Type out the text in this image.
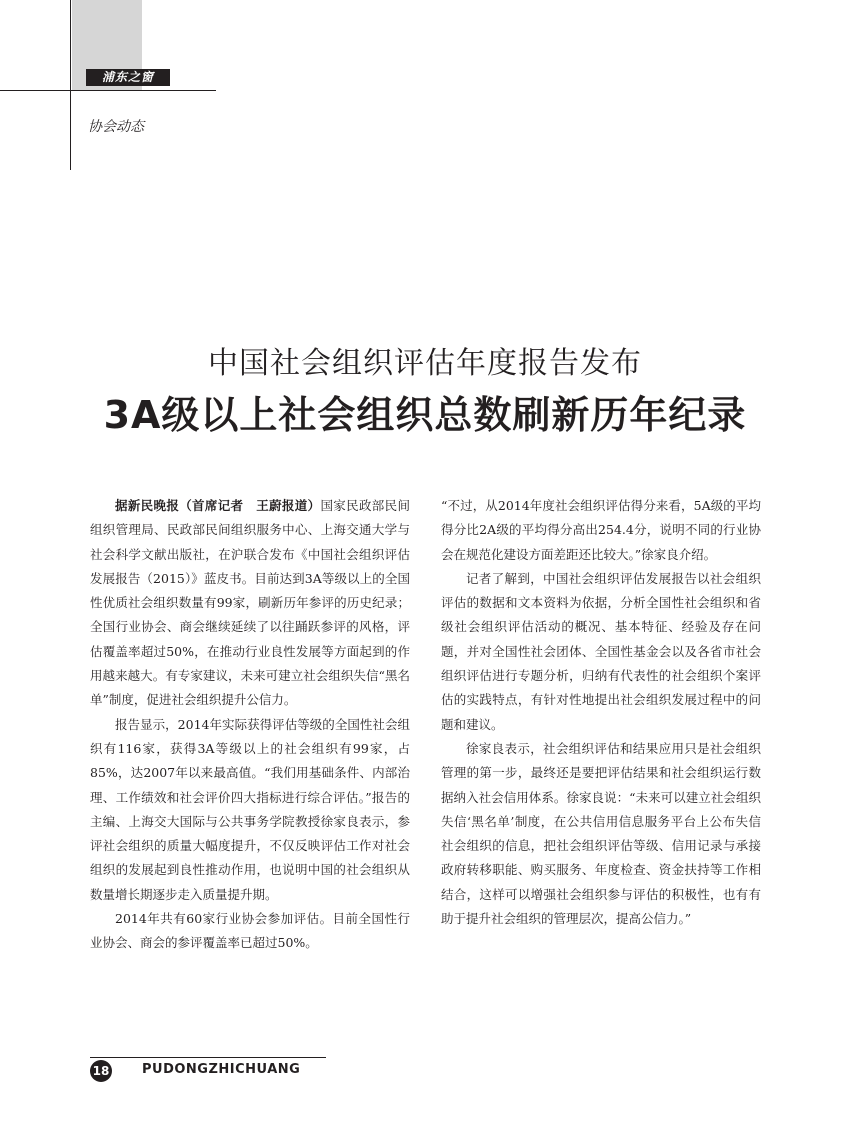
浦东之窗
协会动态
中国社会组织评估年度报告发布
3A级以上社会组织总数刷新历年纪录

据新民晚报（首席记者　王蔚报道）国家民政部民间组织管理局、民政部民间组织服务中心、上海交通大学与社会科学文献出版社，在沪联合发布《中国社会组织评估发展报告（2015）》蓝皮书。目前达到3A等级以上的全国性优质社会组织数量有99家，刷新历年参评的历史纪录；全国行业协会、商会继续延续了以往踊跃参评的风格，评估覆盖率超过50%，在推动行业良性发展等方面起到的作用越来越大。有专家建议，未来可建立社会组织失信“黑名单”制度，促进社会组织提升公信力。

报告显示，2014年实际获得评估等级的全国性社会组织有116家，获得3A等级以上的社会组织有99家，占85%，达2007年以来最高值。“我们用基础条件、内部治理、工作绩效和社会评价四大指标进行综合评估。”报告的主编、上海交大国际与公共事务学院教授徐家良表示，参评社会组织的质量大幅度提升，不仅反映评估工作对社会组织的发展起到良性推动作用，也说明中国的社会组织从数量增长期逐步走入质量提升期。

2014年共有60家行业协会参加评估。目前全国性行业协会、商会的参评覆盖率已超过50%。

“不过，从2014年度社会组织评估得分来看，5A级的平均得分比2A级的平均得分高出254.4分，说明不同的行业协会在规范化建设方面差距还比较大。”徐家良介绍。

记者了解到，中国社会组织评估发展报告以社会组织评估的数据和文本资料为依据，分析全国性社会组织和省级社会组织评估活动的概况、基本特征、经验及存在问题，并对全国性社会团体、全国性基金会以及各省市社会组织评估进行专题分析，归纳有代表性的社会组织个案评估的实践特点，有针对性地提出社会组织发展过程中的问题和建议。

徐家良表示，社会组织评估和结果应用只是社会组织管理的第一步，最终还是要把评估结果和社会组织运行数据纳入社会信用体系。徐家良说：“未来可以建立社会组织失信‘黑名单’制度，在公共信用信息服务平台上公布失信社会组织的信息，把社会组织评估等级、信用记录与承接政府转移职能、购买服务、年度检查、资金扶持等工作相结合，这样可以增强社会组织参与评估的积极性，也有有助于提升社会组织的管理层次，提高公信力。”

18	PUDONGZHICHUANG
